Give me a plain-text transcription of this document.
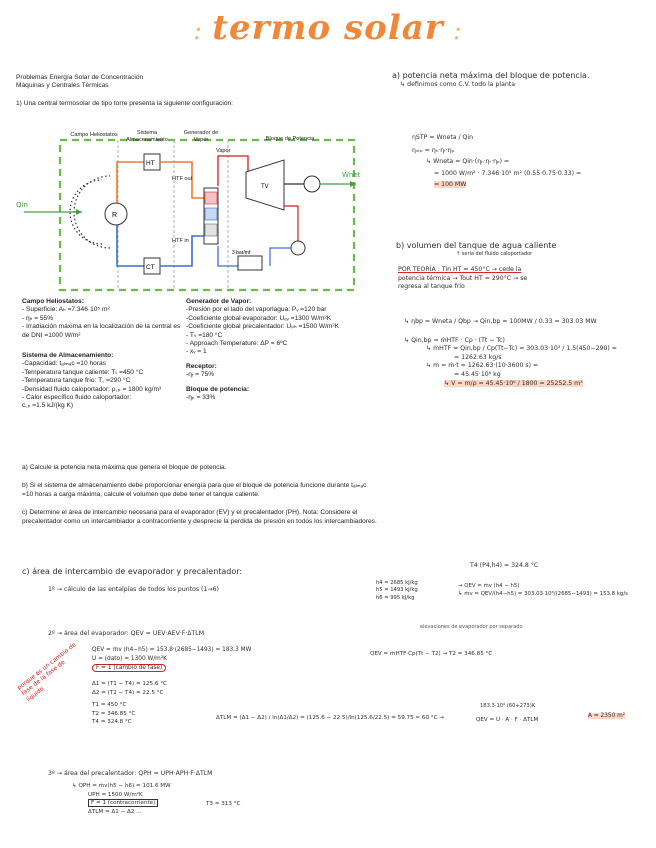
: termo solar :
Problemas Energía Solar de Concentración
Máquinas y Centrales Térmicas
1) Una central termosolar de tipo torre presenta la siguiente configuración:
R
HT
CT
TV
3 bar/mf
Campo Heliostatos	Sistema Almacenamiento
Generador de Vapor	Bloque de Potencia
Qin
Ẇnet
Vapor
HTF out
HTF in
Campo Heliostatos:
- Superficie: Aₕ =7.346·10⁵ m²
- ηₕ = 55%
- Irradiación máxima en la localización de la central es de DNI =1000 W/m²
Sistema de Almacenamiento:
-Capacidad: tₐₗₘₐc =10 horas
-Temperatura tanque caliente: Tₜ =450 °C
-Temperatura tanque frío: T꜀ =290 °C
-Densidad fluido caloportador: ρ꜀ₚ = 1800 kg/m³
- Calor específico fluido caloportador:
c꜀ₚ =1.5 kJ/(kg K)
Generador de Vapor:
-Presión por el lado del vaporlagua: Pᵥ =120 bar
-Coeficiente global evaporador: Uₑᵥ =1300 W/m²K
-Coeficiente global precalentador: Uₚₕ =1500 W/m²K
- Tₛ =180 °C
- Approach Temperature: ΔP = 6ºC
- xᵥ = 1
Receptor:
-ηᵣ = 75%
Bloque de potencia:
-ηₚ = 33%
a) Calcule la potencia neta máxima que genera el bloque de potencia.
b) Si el sistema de almacenamiento debe proporcionar energía para que el bloque de potencia funcione durante tₐₗₘₐc =10 horas a carga máxima, calcule el volumen que debe tener el tanque caliente.
c) Determine el área de intercambio necesaria para el evaporador (EV) y el precalentador (PH). Nota: Considere el precalentador como un intercambiador a contracorriente y desprecie la perdida de presión en todos los intercambiadores.
a) potencia neta máxima del bloque de potencia.
↳ definimos como C.V. todo la planta
ηSTP = Ẇneta / Qin
ηₛₜₚ = ηₕ·ηᵣ·ηₚ
↳ Ẇneta = Qin·(ηₕ·ηᵣ·ηₚ) =
= 1000 W/m² · 7.346·10⁵ m² (0.55·0.75·0.33) =
= 100 MW
b) volumen del tanque de agua caliente
↑ sería del fluido caloportador
POR TEORÍA : Tin HT = 450°C → cede la
potencia térmica → Tout HT = 290°C → se
regresa al tanque frío
↳ ηbp = Ẇneta / Qbp → Qin,bp = 100MW / 0.33 = 303.03 MW
↳ Qin,bp = ṁHTF · Cp · (Tt − Tc)
↳ ṁHTF = Qin,bp / Cp(Tt−Tc) = 303.03·10³ / 1.5(450−290) =
= 1262.63 kg/s
↳ m = ṁ·t = 1262.63·(10·3600 s) =
= 45.45·10⁶ kg
↳ V = m/ρ = 45.45·10⁶ / 1800 = 25252.5 m³
c) área de intercambio de evaporador y precalentador:
T4 (P4,h4) = 324.8 °C
1º → cálculo de las entalpías de todos los puntos (1→6)
h4 = 2685 kJ/kg
h5 = 1493 kJ/kg
h6 = 995 kJ/kg
→ QEV = ṁv (h4 − h5)
↳ ṁv = QEV/(h4−h5) = 303.03·10³/(2685−1493) = 153.8 kg/s
2º → área del evaporador: QEV = UEV·AEV·F·ΔTLM
elevaciones de evaporador por separado
QEV = ṁv (h4−h5) = 153.8·(2685−1493) = 183.3 MW
U = (dato) = 1300 W/m²K
F = 1 (cambio de fase)
QEV = ṁHTF·Cp(Tt − T2) → T2 = 346.85 °C
Δ1 = (T1 − T4) = 125.6 °C
Δ2 = (T2 − T4) = 22.5 °C
T1 = 450 °C
T2 = 346.85 °C
T4 = 324.8 °C
ΔTLM = (Δ1 − Δ2) / ln(Δ1/Δ2) = (125.6 − 22.5)/ln(125.6/22.5) = 59.75 ≈ 60 °C →
183.3·10⁶ (60+273)K
QEV = U · A · F · ΔTLM
A = 2350 m²
porque es un cambio de fase de la fase de líquido
3º → área del precalentador: QPH = UPH·APH·F·ΔTLM
↳ QPH = ṁv(h5 − h6) = 101.6 MW
UPH = 1500 W/m²K
F = 1 (contracorriente)
ΔTLM = Δ1 − Δ2 ...
T3 = 313 °C
